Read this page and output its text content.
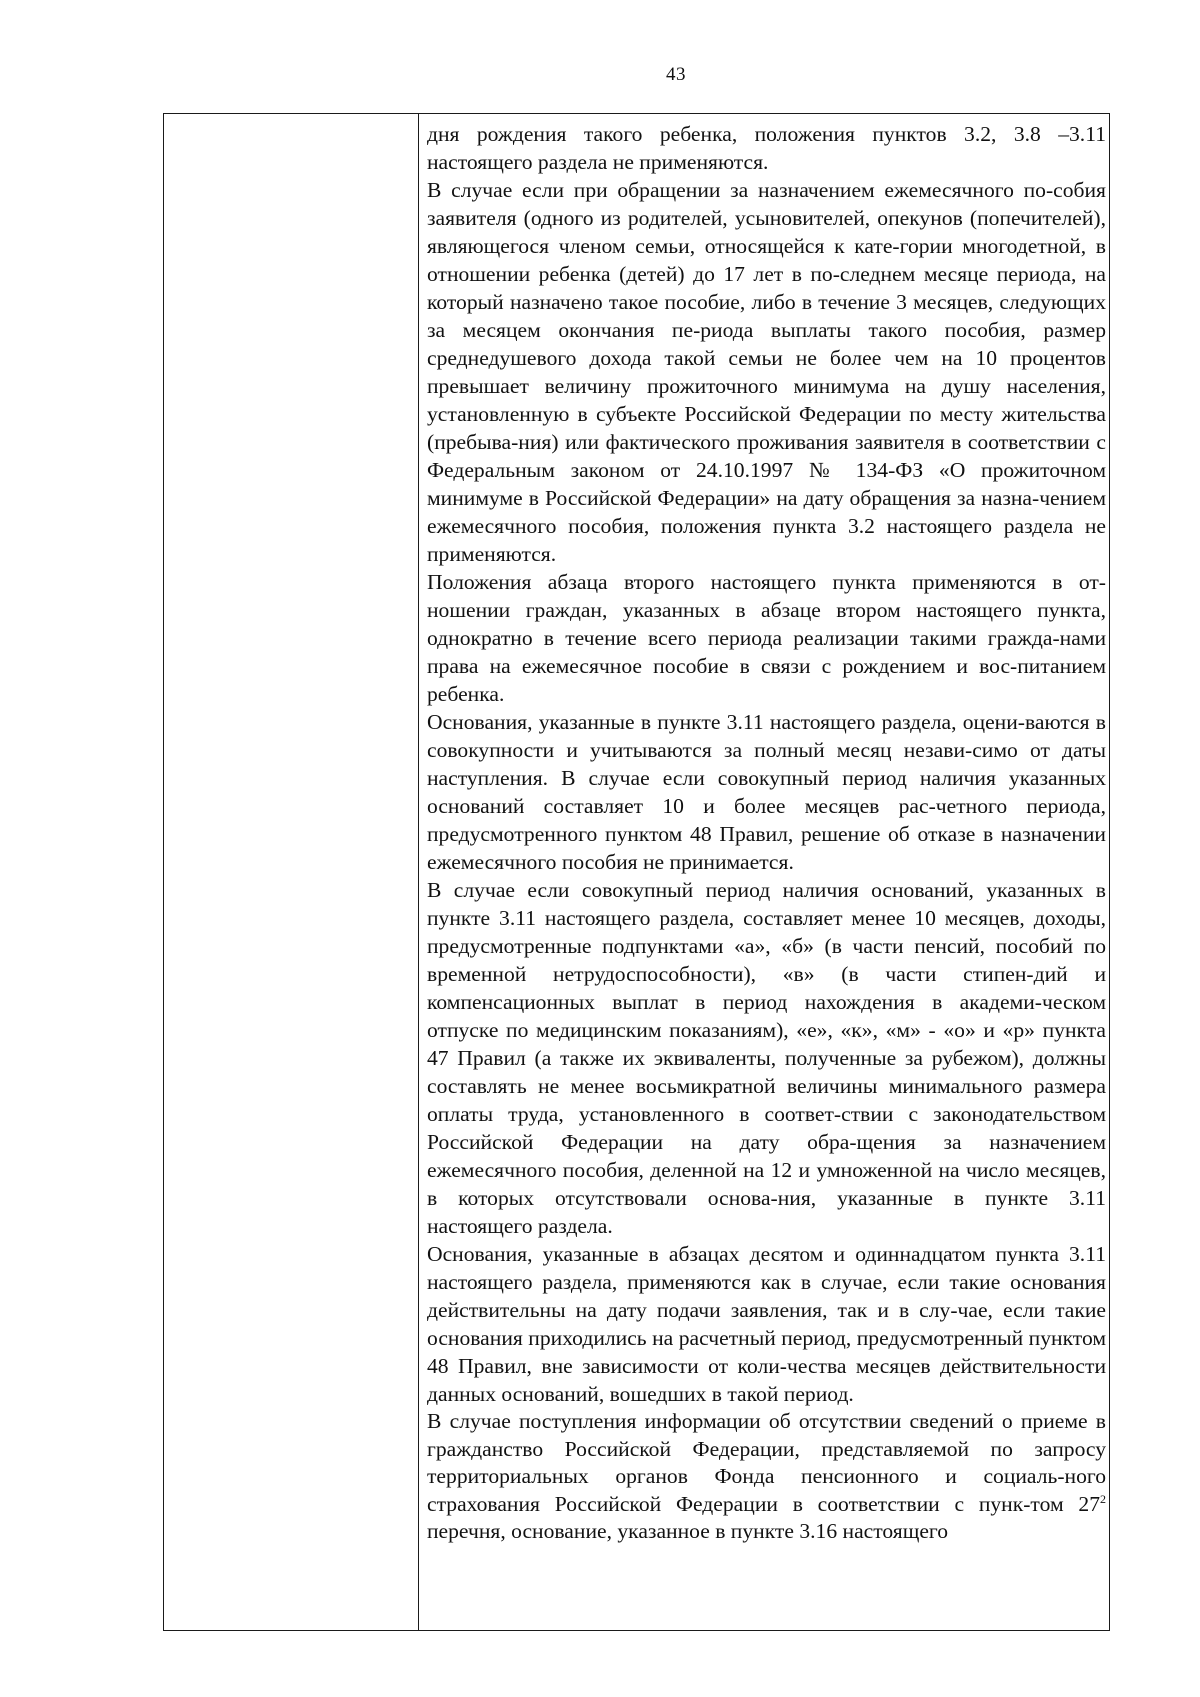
43

дня рождения такого ребенка, положения пунктов 3.2, 3.8 –3.11 настоящего раздела не применяются.

В случае если при обращении за назначением ежемесячного по-собия заявителя (одного из родителей, усыновителей, опекунов (попечителей), являющегося членом семьи, относящейся к кате-гории многодетной, в отношении ребенка (детей) до 17 лет в по-следнем месяце периода, на который назначено такое пособие, либо в течение 3 месяцев, следующих за месяцем окончания пе-риода выплаты такого пособия, размер среднедушевого дохода такой семьи не более чем на 10 процентов превышает величину прожиточного минимума на душу населения, установленную в субъекте Российской Федерации по месту жительства (пребыва-ния) или фактического проживания заявителя в соответствии с Федеральным законом от 24.10.1997 № 134-ФЗ «О прожиточном минимуме в Российской Федерации» на дату обращения за назна-чением ежемесячного пособия, положения пункта 3.2 настоящего раздела не применяются.

Положения абзаца второго настоящего пункта применяются в от-ношении граждан, указанных в абзаце втором настоящего пункта, однократно в течение всего периода реализации такими гражда-нами права на ежемесячное пособие в связи с рождением и вос-питанием ребенка.

Основания, указанные в пункте 3.11 настоящего раздела, оцени-ваются в совокупности и учитываются за полный месяц незави-симо от даты наступления. В случае если совокупный период наличия указанных оснований составляет 10 и более месяцев рас-четного периода, предусмотренного пунктом 48 Правил, решение об отказе в назначении ежемесячного пособия не принимается.

В случае если совокупный период наличия оснований, указанных в пункте 3.11 настоящего раздела, составляет менее 10 месяцев, доходы, предусмотренные подпунктами «а», «б» (в части пенсий, пособий по временной нетрудоспособности), «в» (в части стипен-дий и компенсационных выплат в период нахождения в академи-ческом отпуске по медицинским показаниям), «е», «к», «м» - «о» и «р» пункта 47 Правил (а также их эквиваленты, полученные за рубежом), должны составлять не менее восьмикратной величины минимального размера оплаты труда, установленного в соответ-ствии с законодательством Российской Федерации на дату обра-щения за назначением ежемесячного пособия, деленной на 12 и умноженной на число месяцев, в которых отсутствовали основа-ния, указанные в пункте 3.11 настоящего раздела.

Основания, указанные в абзацах десятом и одиннадцатом пункта 3.11 настоящего раздела, применяются как в случае, если такие основания действительны на дату подачи заявления, так и в слу-чае, если такие основания приходились на расчетный период, предусмотренный пунктом 48 Правил, вне зависимости от коли-чества месяцев действительности данных оснований, вошедших в такой период.

В случае поступления информации об отсутствии сведений о приеме в гражданство Российской Федерации, представляемой по запросу территориальных органов Фонда пенсионного и социаль-ного страхования Российской Федерации в соответствии с пунк-том $27^2$ перечня, основание, указанное в пункте 3.16 настоящего
